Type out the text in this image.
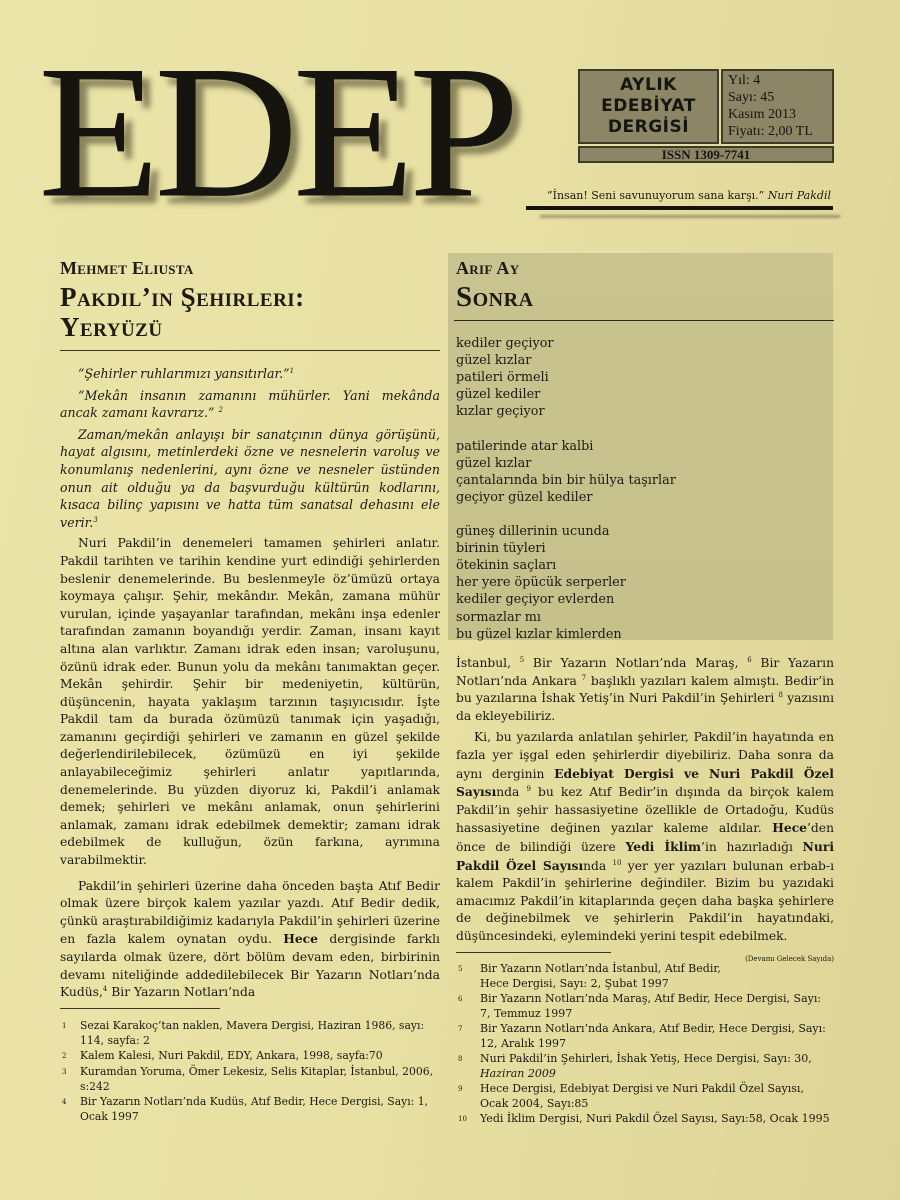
EDEP	AYLIK
EDEBİYAT
DERGİSİ
Yıl: 4
Sayı: 45
Kasım 2013
Fiyatı: 2,00 TL
ISSN 1309-7741
“İnsan! Seni savunuyorum sana karşı.” Nuri Pakdil
Mehmet Eliusta
Pakdil’in Şehirleri:
Yeryüzü

“Şehirler ruhlarımızı yansıtırlar.”$^1$

“Mekân insanın zamanını mühürler. Yani mekânda ancak zamanı kavrarız.” $^2$

Zaman/mekân anlayışı bir sanatçının dünya görüşünü, hayat algısını, metinlerdeki özne ve nesnelerin varoluş ve konumlanış nedenlerini, aynı özne ve nesneler üstünden onun ait olduğu ya da başvurduğu kültürün kodlarını, kısaca bilinç yapısını ve hatta tüm sanatsal dehasını ele verir.$^3$

Nuri Pakdil’in denemeleri tamamen şehirleri anlatır. Pakdil tarihten ve tarihin kendine yurt edindiği şehirlerden beslenir denemelerinde. Bu beslenmeyle öz’ümüzü ortaya koymaya çalışır. Şehir, mekândır. Mekân, zamana mühür vurulan, içinde yaşayanlar tarafından, mekânı inşa edenler tarafından zamanın boyandığı yerdir. Zaman, insanı kayıt altına alan varlıktır. Zamanı idrak eden insan; varoluşunu, özünü idrak eder. Bunun yolu da mekânı tanımaktan geçer. Mekân şehirdir. Şehir bir medeniyetin, kültürün, düşüncenin, hayata yaklaşım tarzının taşıyıcısıdır. İşte Pakdil tam da burada özümüzü tanımak için yaşadığı, zamanını geçirdiği şehirleri ve zamanın en güzel şekilde değerlendirilebilecek, özümüzü en iyi şekilde anlayabileceğimiz şehirleri anlatır yapıtlarında, denemelerinde. Bu yüzden diyoruz ki, Pakdil’i anlamak demek; şehirleri ve mekânı anlamak, onun şehirlerini anlamak, zamanı idrak edebilmek demektir; zamanı idrak edebilmek de kulluğun, özün farkına, ayrımına varabilmektir.

Pakdil’in şehirleri üzerine daha önceden başta Atıf Bedir olmak üzere birçok kalem yazılar yazdı. Atıf Bedir dedik, çünkü araştırabildiğimiz kadarıyla Pakdil’in şehirleri üzerine en fazla kalem oynatan oydu. Hece dergisinde farklı sayılarda olmak üzere, dört bölüm devam eden, birbirinin devamı niteliğinde addedilebilecek Bir Yazarın Notları’nda Kudüs,$^4$ Bir Yazarın Notları’nda

1	Sezai Karakoç’tan naklen, Mavera Dergisi, Haziran 1986, sayı: 114, sayfa: 2
2	Kalem Kalesi, Nuri Pakdil, EDY, Ankara, 1998, sayfa:70
3	Kuramdan Yoruma, Ömer Lekesiz, Selis Kitaplar, İstanbul, 2006, s:242
4	Bir Yazarın Notları’nda Kudüs, Atıf Bedir, Hece Dergisi, Sayı: 1, Ocak 1997
Arif Ay
Sonra
kediler geçiyor
güzel kızlar
patileri örmeli
güzel kediler
kızlar geçiyor
patilerinde atar kalbi
güzel kızlar
çantalarında bin bir hülya taşırlar
geçiyor güzel kediler
güneş dillerinin ucunda
birinin tüyleri
ötekinin saçları
her yere öpücük serperler
kediler geçiyor evlerden
sormazlar mı
bu güzel kızlar kimlerden

İstanbul, $^5$ Bir Yazarın Notları’nda Maraş, $^6$ Bir Yazarın Notları’nda Ankara $^7$ başlıklı yazıları kalem almıştı. Bedir’in bu yazılarına İshak Yetiş’in Nuri Pakdil’in Şehirleri $^8$ yazısını da ekleyebiliriz.

Ki, bu yazılarda anlatılan şehirler, Pakdil’in hayatında en fazla yer işgal eden şehirlerdir diyebiliriz. Daha sonra da aynı derginin Edebiyat Dergisi ve Nuri Pakdil Özel Sayısında $^9$ bu kez Atıf Bedir’in dışında da birçok kalem Pakdil’in şehir hassasiyetine özellikle de Ortadoğu, Kudüs hassasiyetine değinen yazılar kaleme aldılar. Hece’den önce de bilindiği üzere Yedi İklim’in hazırladığı Nuri Pakdil Özel Sayısında $^{10}$ yer yer yazıları bulunan erbab-ı kalem Pakdil’in şehirlerine değindiler. Bizim bu yazıdaki amacımız Pakdil’in kitaplarında geçen daha başka şehirlere de değinebilmek ve şehirlerin Pakdil’in hayatındaki, düşüncesindeki, eylemindeki yerini tespit edebilmek.
(Devamı Gelecek Sayıda)

5	Bir Yazarın Notları’nda İstanbul, Atıf Bedir, Hece Dergisi, Sayı: 2, Şubat 1997
6	Bir Yazarın Notları’nda Maraş, Atıf Bedir, Hece Dergisi, Sayı: 7, Temmuz 1997
7	Bir Yazarın Notları’nda Ankara, Atıf Bedir, Hece Dergisi, Sayı: 12, Aralık 1997
8	Nuri Pakdil’in Şehirleri, İshak Yetiş, Hece Dergisi, Sayı: 30, Haziran 2009
9	Hece Dergisi, Edebiyat Dergisi ve Nuri Pakdil Özel Sayısı, Ocak 2004, Sayı:85
10	Yedi İklim Dergisi, Nuri Pakdil Özel Sayısı, Sayı:58, Ocak 1995
